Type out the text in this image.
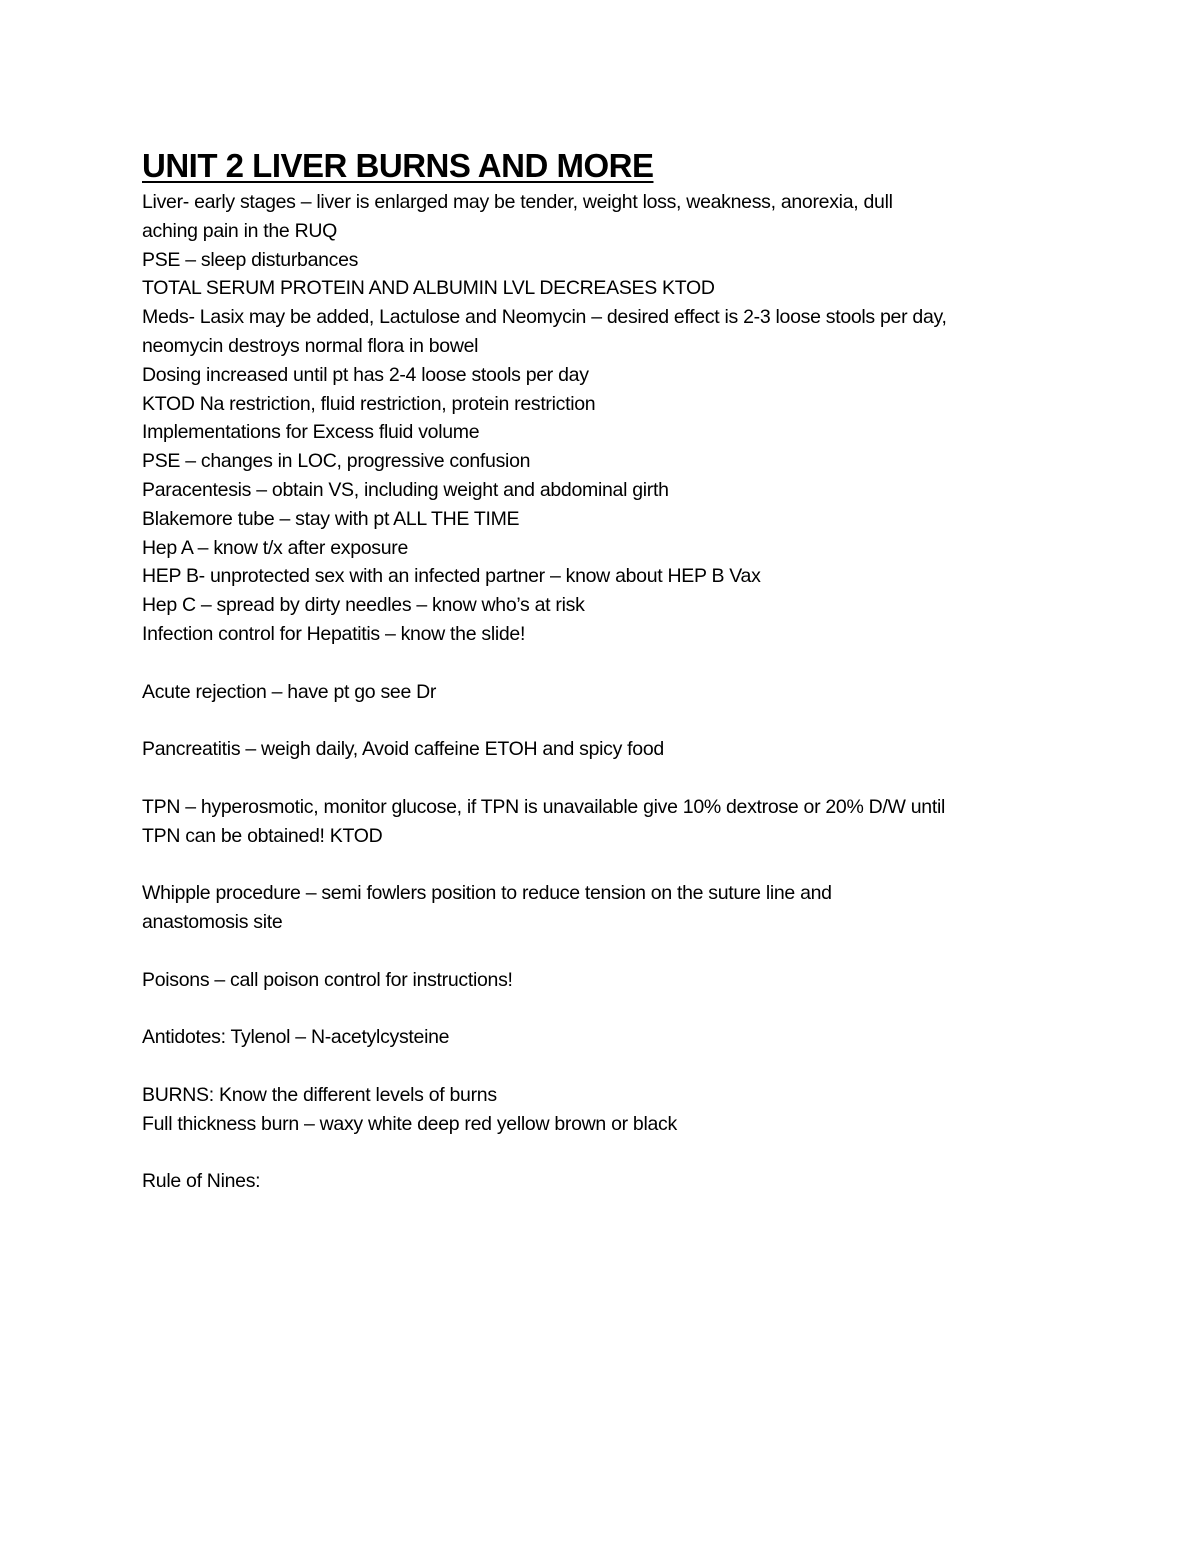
UNIT 2 LIVER BURNS AND MORE
Liver- early stages – liver is enlarged may be tender, weight loss, weakness, anorexia, dull
aching pain in the RUQ
PSE – sleep disturbances
TOTAL SERUM PROTEIN AND ALBUMIN LVL DECREASES KTOD
Meds- Lasix may be added, Lactulose and Neomycin – desired effect is 2-3 loose stools per day,
neomycin destroys normal flora in bowel
Dosing increased until pt has 2-4 loose stools per day
KTOD Na restriction, fluid restriction, protein restriction
Implementations for Excess fluid volume
PSE – changes in LOC, progressive confusion
Paracentesis – obtain VS, including weight and abdominal girth
Blakemore tube – stay with pt ALL THE TIME
Hep A – know t/x after exposure
HEP B- unprotected sex with an infected partner – know about HEP B Vax
Hep C – spread by dirty needles – know who’s at risk
Infection control for Hepatitis – know the slide!
Acute rejection – have pt go see Dr
Pancreatitis – weigh daily, Avoid caffeine ETOH and spicy food
TPN – hyperosmotic, monitor glucose, if TPN is unavailable give 10% dextrose or 20% D/W until
TPN can be obtained! KTOD
Whipple procedure – semi fowlers position to reduce tension on the suture line and
anastomosis site
Poisons – call poison control for instructions!
Antidotes: Tylenol – N-acetylcysteine
BURNS: Know the different levels of burns
Full thickness burn – waxy white deep red yellow brown or black
Rule of Nines:
